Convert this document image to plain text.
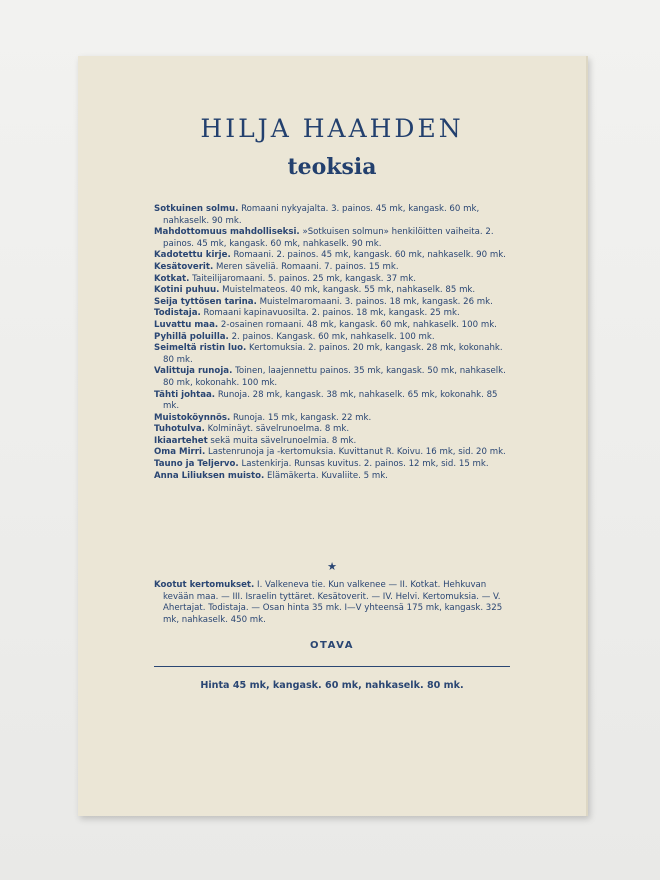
HILJA HAAHDEN
teoksia

Sotkuinen solmu. Romaani nykyajalta. 3. painos. 45 mk, kangask. 60 mk, nahkaselk. 90 mk.

Mahdottomuus mahdolliseksi. »Sotkuisen solmun» henkilöitten vaiheita. 2. painos. 45 mk, kangask. 60 mk, nahkaselk. 90 mk.

Kadotettu kirje. Romaani. 2. painos. 45 mk, kangask. 60 mk, nahkaselk. 90 mk.

Kesätoverit. Meren säveliä. Romaani. 7. painos. 15 mk.

Kotkat. Taiteilijaromaani. 5. painos. 25 mk, kangask. 37 mk.

Kotini puhuu. Muistelmateos. 40 mk, kangask. 55 mk, nahkaselk. 85 mk.

Seija tyttösen tarina. Muistelmaromaani. 3. painos. 18 mk, kangask. 26 mk.

Todistaja. Romaani kapinavuosilta. 2. painos. 18 mk, kangask. 25 mk.

Luvattu maa. 2-osainen romaani. 48 mk, kangask. 60 mk, nahkaselk. 100 mk.

Pyhillä poluilla. 2. painos. Kangask. 60 mk, nahkaselk. 100 mk.

Seimeltä ristin luo. Kertomuksia. 2. painos. 20 mk, kangask. 28 mk, kokonahk. 80 mk.

Valittuja runoja. Toinen, laajennettu painos. 35 mk, kangask. 50 mk, nahkaselk. 80 mk, kokonahk. 100 mk.

Tähti johtaa. Runoja. 28 mk, kangask. 38 mk, nahkaselk. 65 mk, kokonahk. 85 mk.

Muistoköynnös. Runoja. 15 mk, kangask. 22 mk.

Tuhotulva. Kolminäyt. sävelrunoelma. 8 mk.

Ikiaartehet sekä muita sävelrunoelmia. 8 mk.

Oma Mirri. Lastenrunoja ja -kertomuksia. Kuvittanut R. Koivu. 16 mk, sid. 20 mk.

Tauno ja Teljervo. Lastenkirja. Runsas kuvitus. 2. painos. 12 mk, sid. 15 mk.

Anna Liliuksen muisto. Elämäkerta. Kuvaliite. 5 mk.

★

Kootut kertomukset. I. Valkeneva tie. Kun valkenee — II. Kotkat. Hehkuvan kevään maa. — III. Israelin tyttäret. Kesätoverit. — IV. Helvi. Kertomuksia. — V. Ahertajat. Todistaja. — Osan hinta 35 mk. I—V yhteensä 175 mk, kangask. 325 mk, nahkaselk. 450 mk.

OTAVA
Hinta 45 mk, kangask. 60 mk, nahkaselk. 80 mk.
